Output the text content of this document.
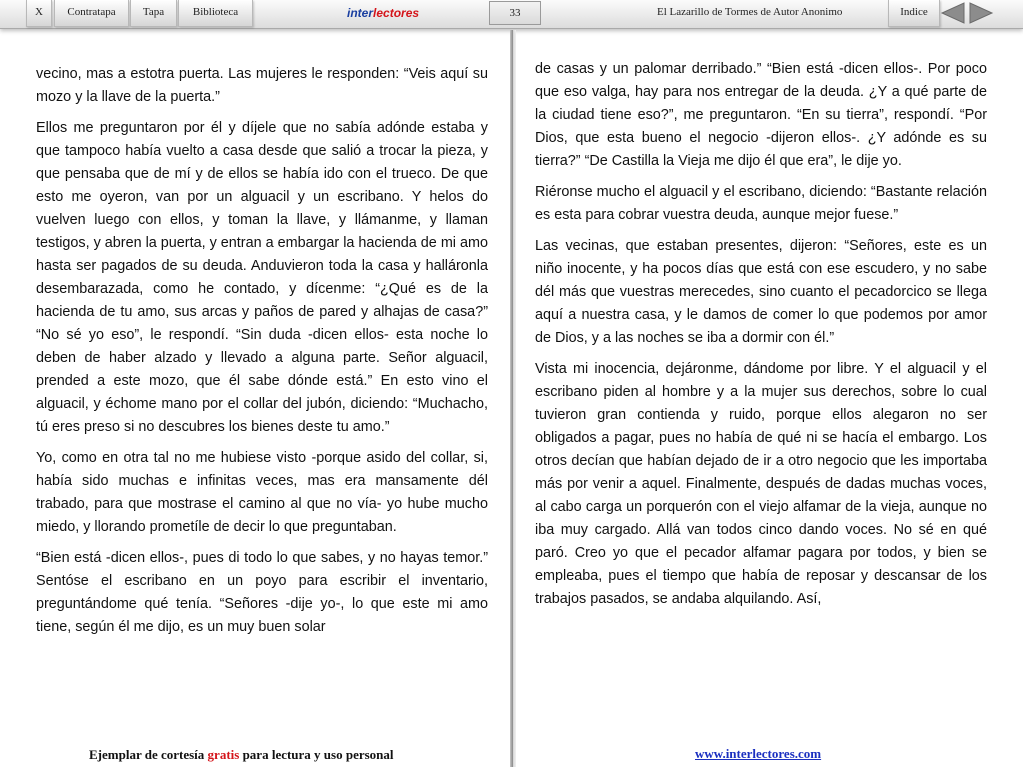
X	Contratapa	Tapa	Biblioteca	interlectores	33	El Lazarillo de Tormes de Autor Anonimo	Indice

vecino, mas a estotra puerta. Las mujeres le responden: “Veis aquí su mozo y la llave de la puerta.”

Ellos me preguntaron por él y díjele que no sabía adónde estaba y que tampoco había vuelto a casa desde que salió a trocar la pieza, y que pensaba que de mí y de ellos se había ido con el trueco. De que esto me oyeron, van por un alguacil y un escribano. Y helos do vuelven luego con ellos, y toman la llave, y llámanme, y llaman testigos, y abren la puerta, y entran a embargar la hacienda de mi amo hasta ser pagados de su deuda. Anduvieron toda la casa y halláronla desembarazada, como he contado, y dícenme: “¿Qué es de la hacienda de tu amo, sus arcas y paños de pared y alhajas de casa?” “No sé yo eso”, le respondí. “Sin duda -dicen ellos- esta noche lo deben de haber alzado y llevado a alguna parte. Señor alguacil, prended a este mozo, que él sabe dónde está.” En esto vino el alguacil, y échome mano por el collar del jubón, diciendo: “Muchacho, tú eres preso si no descubres los bienes deste tu amo.”

Yo, como en otra tal no me hubiese visto -porque asido del collar, si, había sido muchas e infinitas veces, mas era mansamente dél trabado, para que mostrase el camino al que no vía- yo hube mucho miedo, y llorando prometíle de decir lo que preguntaban.

“Bien está -dicen ellos-, pues di todo lo que sabes, y no hayas temor.” Sentóse el escribano en un poyo para escribir el inventario, preguntándome qué tenía. “Señores -dije yo-, lo que este mi amo tiene, según él me dijo, es un muy buen solar

de casas y un palomar derribado.” “Bien está -dicen ellos-. Por poco que eso valga, hay para nos entregar de la deuda. ¿Y a qué parte de la ciudad tiene eso?”, me preguntaron. “En su tierra”, respondí. “Por Dios, que esta bueno el negocio -dijeron ellos-. ¿Y adónde es su tierra?” “De Castilla la Vieja me dijo él que era”, le dije yo.

Riéronse mucho el alguacil y el escribano, diciendo: “Bastante relación es esta para cobrar vuestra deuda, aunque mejor fuese.”

Las vecinas, que estaban presentes, dijeron: “Señores, este es un niño inocente, y ha pocos días que está con ese escudero, y no sabe dél más que vuestras merecedes, sino cuanto el pecadorcico se llega aquí a nuestra casa, y le damos de comer lo que podemos por amor de Dios, y a las noches se iba a dormir con él.”

Vista mi inocencia, dejáronme, dándome por libre. Y el alguacil y el escribano piden al hombre y a la mujer sus derechos, sobre lo cual tuvieron gran contienda y ruido, porque ellos alegaron no ser obligados a pagar, pues no había de qué ni se hacía el embargo. Los otros decían que habían dejado de ir a otro negocio que les importaba más por venir a aquel. Finalmente, después de dadas muchas voces, al cabo carga un porquerón con el viejo alfamar de la vieja, aunque no iba muy cargado. Allá van todos cinco dando voces. No sé en qué paró. Creo yo que el pecador alfamar pagara por todos, y bien se empleaba, pues el tiempo que había de reposar y descansar de los trabajos pasados, se andaba alquilando. Así,

Ejemplar de cortesía gratis para lectura y uso personal	www.interlectores.com
